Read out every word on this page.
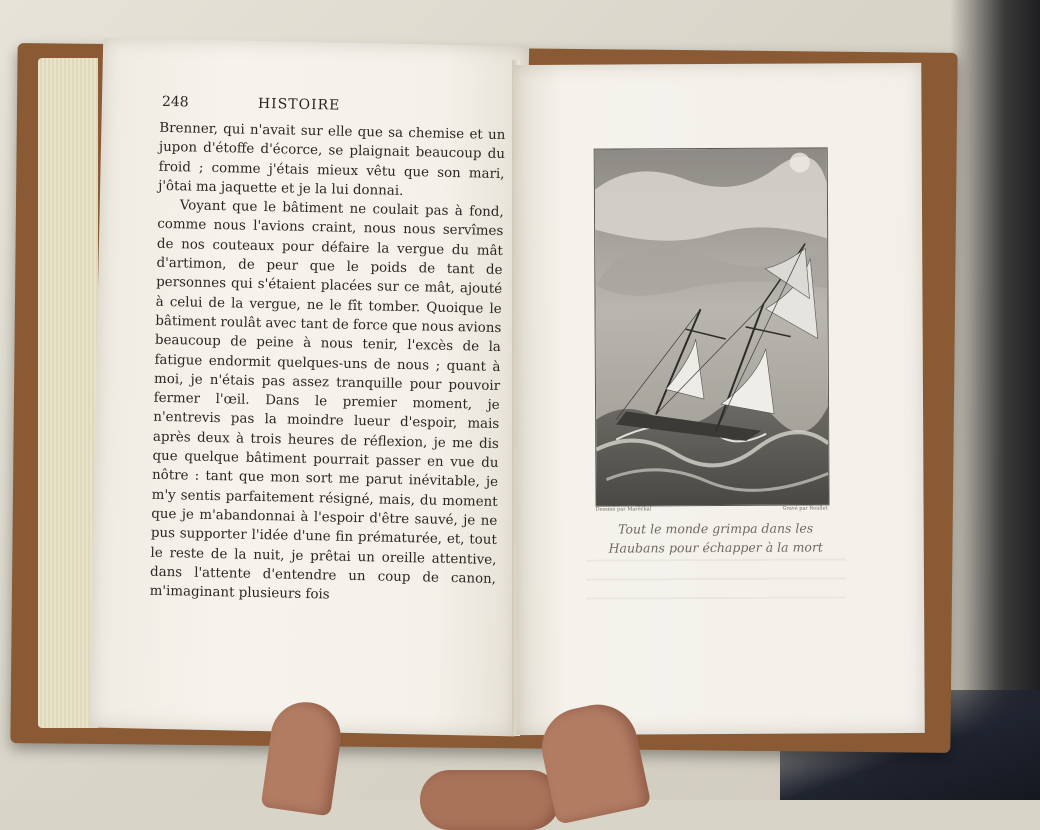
248	HISTOIRE

Brenner, qui n'avait sur elle que sa chemise et un jupon d'étoffe d'écorce, se plaignait beaucoup du froid ; comme j'étais mieux vêtu que son mari, j'ôtai ma jaquette et je la lui donnai.

Voyant que le bâtiment ne coulait pas à fond, comme nous l'avions craint, nous nous servîmes de nos couteaux pour défaire la vergue du mât d'artimon, de peur que le poids de tant de personnes qui s'étaient placées sur ce mât, ajouté à celui de la vergue, ne le fît tomber. Quoique le bâtiment roulât avec tant de force que nous avions beaucoup de peine à nous tenir, l'excès de la fatigue endormit quelques-uns de nous ; quant à moi, je n'étais pas assez tranquille pour pouvoir fermer l'œil. Dans le premier moment, je n'entrevis pas la moindre lueur d'espoir, mais après deux à trois heures de réflexion, je me dis que quelque bâtiment pourrait passer en vue du nôtre : tant que mon sort me parut inévitable, je m'y sentis parfaitement résigné, mais, du moment que je m'abandonnai à l'espoir d'être sauvé, je ne pus supporter l'idée d'une fin prématurée, et, tout le reste de la nuit, je prêtai un oreille attentive, dans l'attente d'entendre un coup de canon, m'imaginant plusieurs fois

Dessiné par Maréchal	Gravé par Roullet
Tout le monde grimpa dans les Haubans pour échapper à la mort
